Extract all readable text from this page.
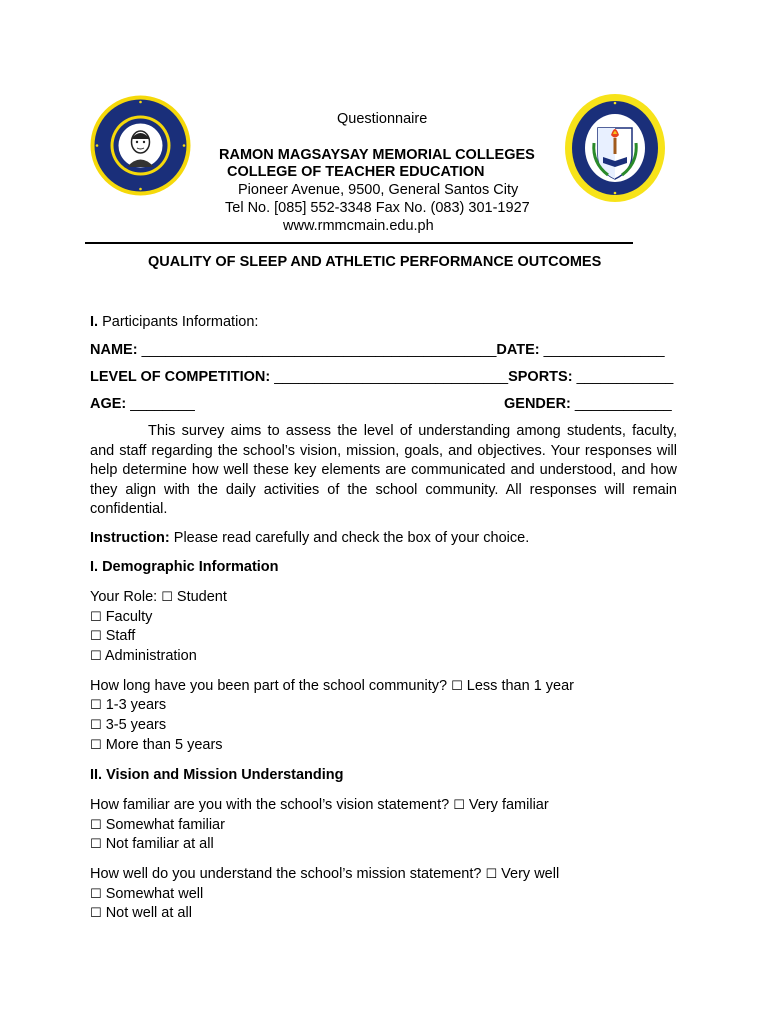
Questionnaire
RAMON MAGSAYSAY MEMORIAL COLLEGES
COLLEGE OF TEACHER EDUCATION
Pioneer Avenue, 9500, General Santos City
Tel No. [085] 552-3348 Fax No. (083) 301-1927
www.rmmcmain.edu.ph
QUALITY OF SLEEP AND ATHLETIC PERFORMANCE OUTCOMES
I. Participants Information:
NAME: ____________________________________________DATE: _______________
LEVEL OF COMPETITION: _____________________________SPORTS: ____________
AGE: ________	GENDER: ____________
This survey aims to assess the level of understanding among students, faculty, and staff regarding the school’s vision, mission, goals, and objectives. Your responses will help determine how well these key elements are communicated and understood, and how they align with the daily activities of the school community. All responses will remain confidential.
Instruction: Please read carefully and check the box of your choice.
I. Demographic Information
Your Role: ☐ Student
☐ Faculty
☐ Staff
☐ Administration
How long have you been part of the school community? ☐ Less than 1 year
☐ 1-3 years
☐ 3-5 years
☐ More than 5 years
II. Vision and Mission Understanding
How familiar are you with the school’s vision statement? ☐ Very familiar
☐ Somewhat familiar
☐ Not familiar at all
How well do you understand the school’s mission statement? ☐ Very well
☐ Somewhat well
☐ Not well at all
